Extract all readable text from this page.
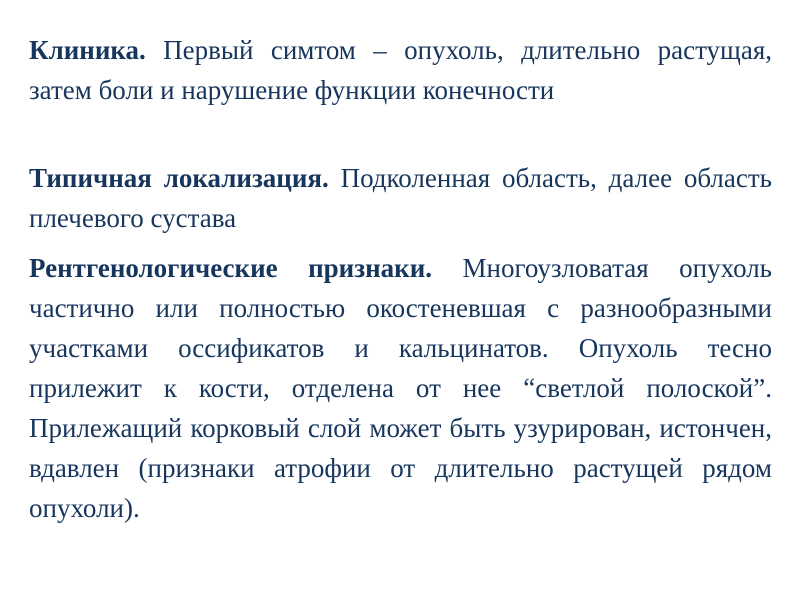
Клиника. Первый симтом – опухоль, длительно растущая, затем боли и нарушение функции конечности

Типичная локализация. Подколенная область, далее область плечевого сустава

Рентгенологические признаки. Многоузловатая опухоль частично или полностью окостеневшая с разнообразными участками оссификатов и кальцинатов. Опухоль тесно прилежит к кости, отделена от нее “светлой полоской”. Прилежащий корковый слой может быть узурирован, истончен, вдавлен (признаки атрофии от длительно растущей рядом опухоли).
